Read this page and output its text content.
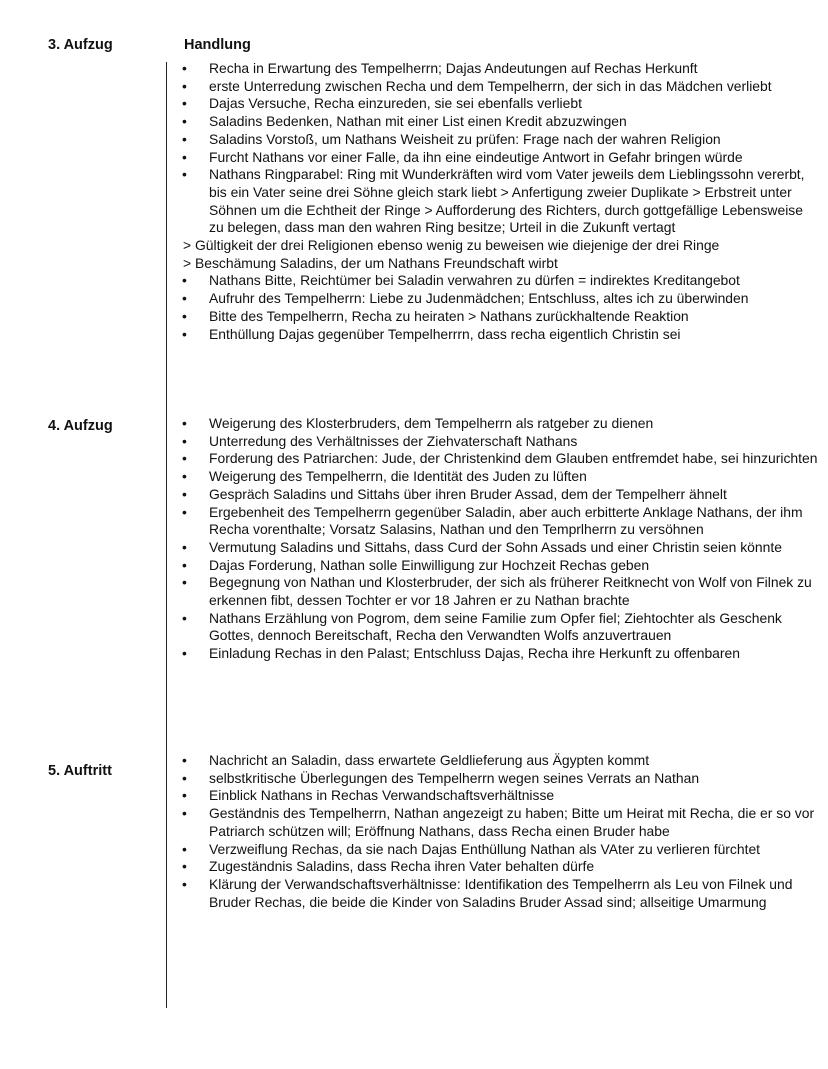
3. Aufzug	Handlung
• Recha in Erwartung des Tempelherrn; Dajas Andeutungen auf Rechas Herkunft
• erste Unterredung zwischen Recha und dem Tempelherrn, der sich in das Mädchen verliebt
• Dajas Versuche, Recha einzureden, sie sei ebenfalls verliebt
• Saladins Bedenken, Nathan mit einer List einen Kredit abzuzwingen
• Saladins Vorstoß, um Nathans Weisheit zu prüfen: Frage nach der wahren Religion
• Furcht Nathans vor einer Falle, da ihn eine eindeutige Antwort in Gefahr bringen würde
• Nathans Ringparabel: Ring mit Wunderkräften wird vom Vater jeweils dem Lieblingssohn vererbt, bis ein Vater seine drei Söhne gleich stark liebt > Anfertigung zweier Duplikate > Erbstreit unter Söhnen um die Echtheit der Ringe > Aufforderung des Richters, durch gottgefällige Lebensweise zu belegen, dass man den wahren Ring besitze; Urteil in die Zukunft vertagt
> Gültigkeit der drei Religionen ebenso wenig zu beweisen wie diejenige der drei Ringe
> Beschämung Saladins, der um Nathans Freundschaft wirbt
• Nathans Bitte, Reichtümer bei Saladin verwahren zu dürfen = indirektes Kreditangebot
• Aufruhr des Tempelherrn: Liebe zu Judenmädchen; Entschluss, altes ich zu überwinden
• Bitte des Tempelherrn, Recha zu heiraten > Nathans zurückhaltende Reaktion
• Enthüllung Dajas gegenüber Tempelherrrn, dass recha eigentlich Christin sei
4. Aufzug	• Weigerung des Klosterbruders, dem Tempelherrn als ratgeber zu dienen
• Unterredung des Verhältnisses der Ziehvaterschaft Nathans
• Forderung des Patriarchen: Jude, der Christenkind dem Glauben entfremdet habe, sei hinzurichten
• Weigerung des Tempelherrn, die Identität des Juden zu lüften
• Gespräch Saladins und Sittahs über ihren Bruder Assad, dem der Tempelherr ähnelt
• Ergebenheit des Tempelherrn gegenüber Saladin, aber auch erbitterte Anklage Nathans, der ihm Recha vorenthalte; Vorsatz Salasins, Nathan und den Temprlherrn zu versöhnen
• Vermutung Saladins und Sittahs, dass Curd der Sohn Assads und einer Christin seien könnte
• Dajas Forderung, Nathan solle Einwilligung zur Hochzeit Rechas geben
• Begegnung von Nathan und Klosterbruder, der sich als früherer Reitknecht von Wolf von Filnek zu erkennen fibt, dessen Tochter er vor 18 Jahren er zu Nathan brachte
• Nathans Erzählung von Pogrom, dem seine Familie zum Opfer fiel; Ziehtochter als Geschenk Gottes, dennoch Bereitschaft, Recha den Verwandten Wolfs anzuvertrauen
• Einladung Rechas in den Palast; Entschluss Dajas, Recha ihre Herkunft zu offenbaren
5. Auftritt
• Nachricht an Saladin, dass erwartete Geldlieferung aus Ägypten kommt
• selbstkritische Überlegungen des Tempelherrn wegen seines Verrats an Nathan
• Einblick Nathans in Rechas Verwandschaftsverhältnisse
• Geständnis des Tempelherrn, Nathan angezeigt zu haben; Bitte um Heirat mit Recha, die er so vor Patriarch schützen will; Eröffnung Nathans, dass Recha einen Bruder habe
• Verzweiflung Rechas, da sie nach Dajas Enthüllung Nathan als VAter zu verlieren fürchtet
• Zugeständnis Saladins, dass Recha ihren Vater behalten dürfe
• Klärung der Verwandschaftsverhältnisse: Identifikation des Tempelherrn als Leu von Filnek und Bruder Rechas, die beide die Kinder von Saladins Bruder Assad sind; allseitige Umarmung
